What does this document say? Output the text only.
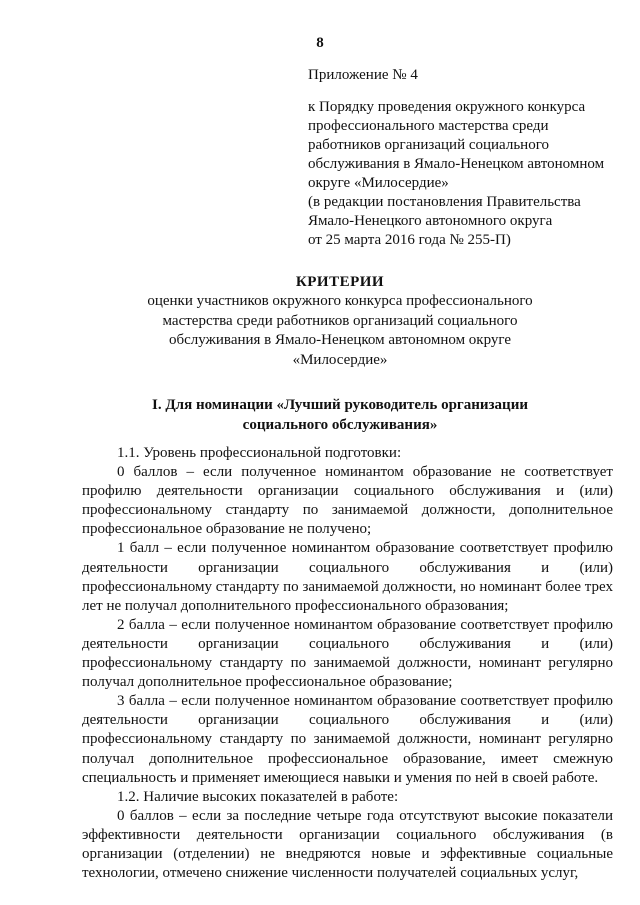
8
Приложение № 4
к Порядку проведения окружного конкурса
профессионального мастерства среди
работников организаций социального
обслуживания в Ямало-Ненецком автономном
округе «Милосердие»
(в редакции постановления Правительства
Ямало-Ненецкого автономного округа
от 25 марта 2016 года № 255-П)
КРИТЕРИИ
оценки участников окружного конкурса профессионального
мастерства среди работников организаций социального
обслуживания в Ямало-Ненецком автономном округе
«Милосердие»
I. Для номинации «Лучший руководитель организации
социального обслуживания»

1.1. Уровень профессиональной подготовки:

0 баллов – если полученное номинантом образование не соответствует профилю деятельности организации социального обслуживания и (или) профессиональному стандарту по занимаемой должности, дополнительное профессиональное образование не получено;

1 балл – если полученное номинантом образование соответствует профилю деятельности организации социального обслуживания и (или) профессиональному стандарту по занимаемой должности, но номинант более трех лет не получал дополнительного профессионального образования;

2 балла – если полученное номинантом образование соответствует профилю деятельности организации социального обслуживания и (или) профессиональному стандарту по занимаемой должности, номинант регулярно получал дополнительное профессиональное образование;

3 балла – если полученное номинантом образование соответствует профилю деятельности организации социального обслуживания и (или) профессиональному стандарту по занимаемой должности, номинант регулярно получал дополнительное профессиональное образование, имеет смежную специальность и применяет имеющиеся навыки и умения по ней в своей работе.

1.2. Наличие высоких показателей в работе:

0 баллов – если за последние четыре года отсутствуют высокие показатели эффективности деятельности организации социального обслуживания (в организации (отделении) не внедряются новые и эффективные социальные технологии, отмечено снижение численности получателей социальных услуг,
